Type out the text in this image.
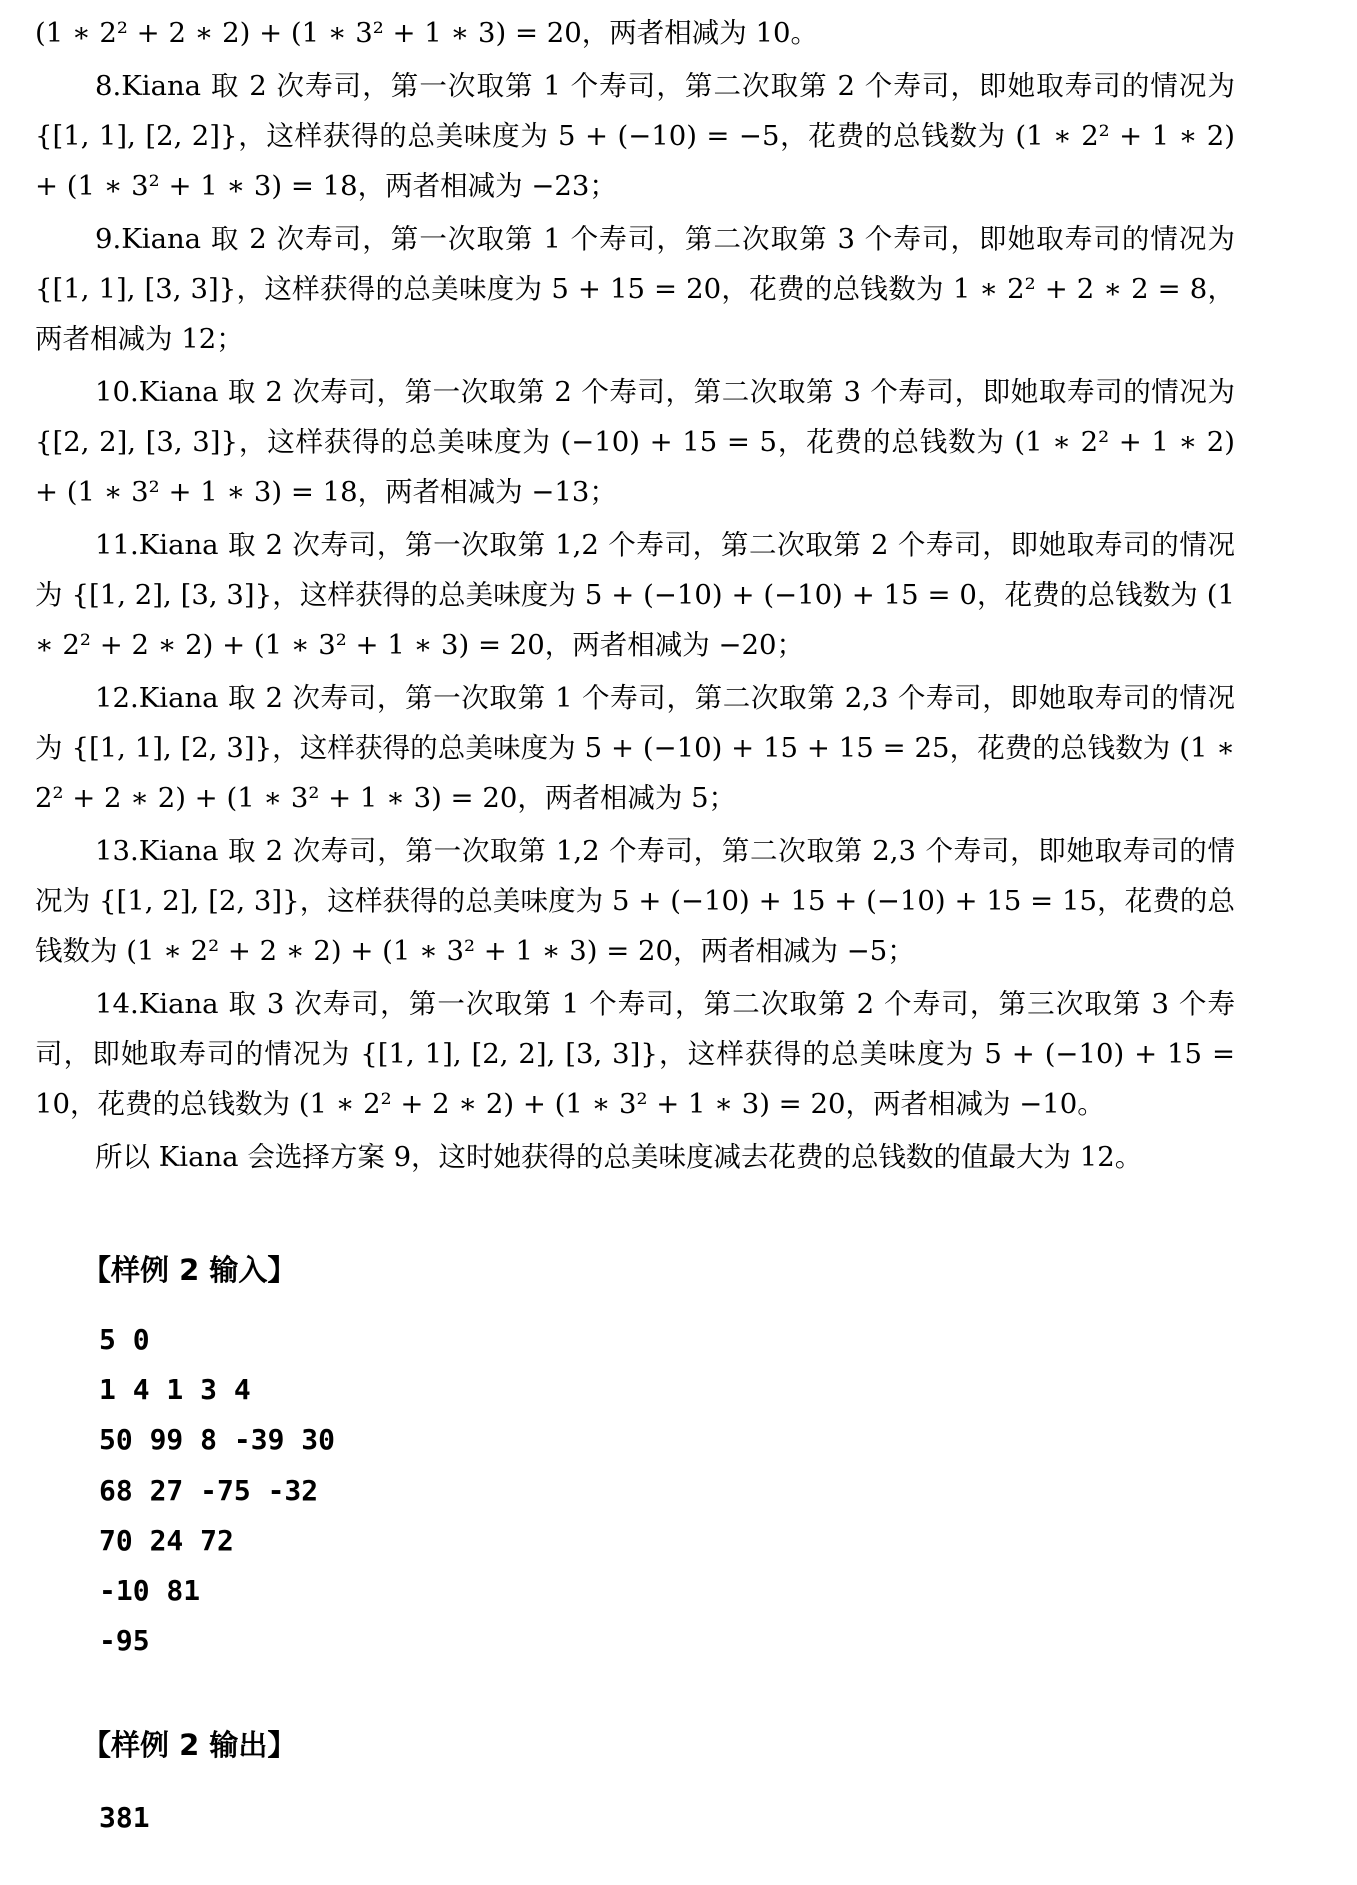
(1 ∗ 2² + 2 ∗ 2) + (1 ∗ 3² + 1 ∗ 3) = 20，两者相减为 10。

8.Kiana 取 2 次寿司，第一次取第 1 个寿司，第二次取第 2 个寿司，即她取寿司的情况为 {[1, 1], [2, 2]}，这样获得的总美味度为 5 + (−10) = −5，花费的总钱数为 (1 ∗ 2² + 1 ∗ 2) + (1 ∗ 3² + 1 ∗ 3) = 18，两者相减为 −23；

9.Kiana 取 2 次寿司，第一次取第 1 个寿司，第二次取第 3 个寿司，即她取寿司的情况为 {[1, 1], [3, 3]}，这样获得的总美味度为 5 + 15 = 20，花费的总钱数为 1 ∗ 2² + 2 ∗ 2 = 8，两者相减为 12；

10.Kiana 取 2 次寿司，第一次取第 2 个寿司，第二次取第 3 个寿司，即她取寿司的情况为 {[2, 2], [3, 3]}，这样获得的总美味度为 (−10) + 15 = 5，花费的总钱数为 (1 ∗ 2² + 1 ∗ 2) + (1 ∗ 3² + 1 ∗ 3) = 18，两者相减为 −13；

11.Kiana 取 2 次寿司，第一次取第 1,2 个寿司，第二次取第 2 个寿司，即她取寿司的情况为 {[1, 2], [3, 3]}，这样获得的总美味度为 5 + (−10) + (−10) + 15 = 0，花费的总钱数为 (1 ∗ 2² + 2 ∗ 2) + (1 ∗ 3² + 1 ∗ 3) = 20，两者相减为 −20；

12.Kiana 取 2 次寿司，第一次取第 1 个寿司，第二次取第 2,3 个寿司，即她取寿司的情况为 {[1, 1], [2, 3]}，这样获得的总美味度为 5 + (−10) + 15 + 15 = 25，花费的总钱数为 (1 ∗ 2² + 2 ∗ 2) + (1 ∗ 3² + 1 ∗ 3) = 20，两者相减为 5；

13.Kiana 取 2 次寿司，第一次取第 1,2 个寿司，第二次取第 2,3 个寿司，即她取寿司的情况为 {[1, 2], [2, 3]}，这样获得的总美味度为 5 + (−10) + 15 + (−10) + 15 = 15，花费的总钱数为 (1 ∗ 2² + 2 ∗ 2) + (1 ∗ 3² + 1 ∗ 3) = 20，两者相减为 −5；

14.Kiana 取 3 次寿司，第一次取第 1 个寿司，第二次取第 2 个寿司，第三次取第 3 个寿司，即她取寿司的情况为 {[1, 1], [2, 2], [3, 3]}，这样获得的总美味度为 5 + (−10) + 15 = 10，花费的总钱数为 (1 ∗ 2² + 2 ∗ 2) + (1 ∗ 3² + 1 ∗ 3) = 20，两者相减为 −10。

所以 Kiana 会选择方案 9，这时她获得的总美味度减去花费的总钱数的值最大为 12。

【样例 2 输入】
5 0
1 4 1 3 4
50 99 8 -39 30
68 27 -75 -32
70 24 72
-10 81
-95
【样例 2 输出】
381
